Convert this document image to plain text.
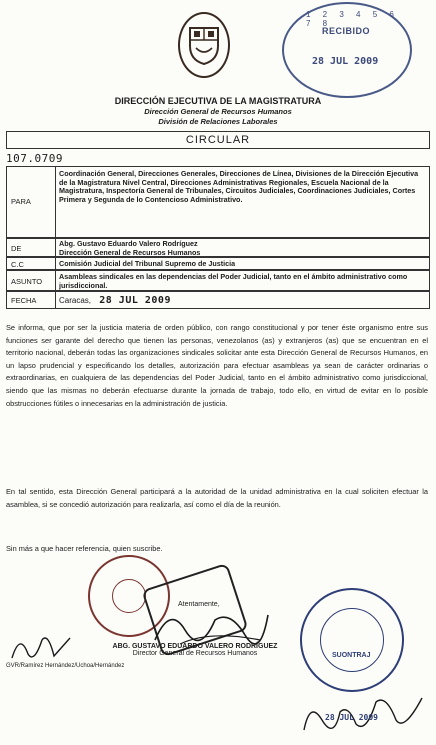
1 2 3 4 5 6 7 8
RECIBIDO
28 JUL 2009
DIRECCIÓN EJECUTIVA DE LA MAGISTRATURA
Dirección General de Recursos Humanos
División de Relaciones Laborales
CIRCULAR
107.0709
PARA
Coordinación General, Direcciones Generales, Direcciones de Línea, Divisiones de la Dirección Ejecutiva de la Magistratura Nivel Central, Direcciones Administrativas Regionales, Escuela Nacional de la Magistratura, Inspectoría General de Tribunales, Circuitos Judiciales, Coordinaciones Judiciales, Cortes Primera y Segunda de lo Contencioso Administrativo.
DE
Abg. Gustavo Eduardo Valero Rodríguez
Dirección General de Recursos Humanos
C.C	Comisión Judicial del Tribunal Supremo de Justicia
ASUNTO
Asambleas sindicales en las dependencias del Poder Judicial, tanto en el ámbito administrativo como jurisdiccional.
FECHA	Caracas, 28 JUL 2009
Se informa, que por ser la justicia materia de orden público, con rango constitucional y por tener éste organismo entre sus funciones ser garante del derecho que tienen las personas, venezolanos (as) y extranjeros (as) que se encuentran en el territorio nacional, deberán todas las organizaciones sindicales solicitar ante esta Dirección General de Recursos Humanos, en un lapso prudencial y especificando los detalles, autorización para efectuar asambleas ya sean de carácter ordinarias o extraordinarias, en cualquiera de las dependencias del Poder Judicial, tanto en el ámbito administrativo como jurisdiccional, siendo que las mismas no deberán efectuarse durante la jornada de trabajo, todo ello, en virtud de evitar en lo posible obstrucciones fútiles o innecesarias en la administración de justicia.
En tal sentido, esta Dirección General participará a la autoridad de la unidad administrativa en la cual soliciten efectuar la asamblea, si se concedió autorización para realizarla, así como el día de la reunión.
Sin más a que hacer referencia, quien suscribe.
Atentamente,
ABG. GUSTAVO EDUARDO VALERO RODRÍGUEZ
Director General de Recursos Humanos
GVR/Ramírez Hernández/Uchoa/Hernández
SUONTRAJ
28 JUL 2009
